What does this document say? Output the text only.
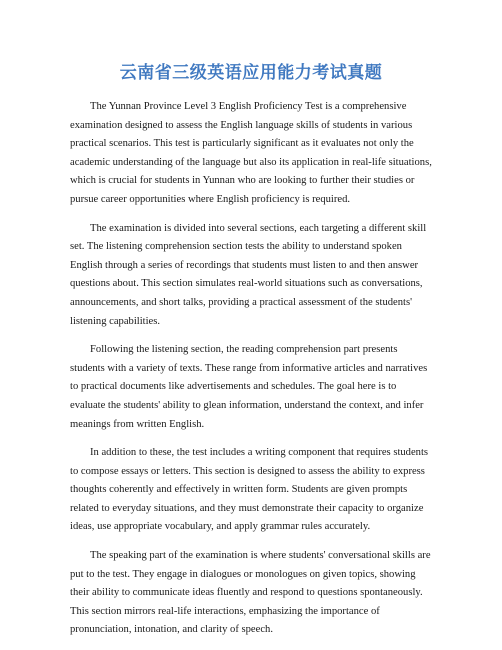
云南省三级英语应用能力考试真题

The Yunnan Province Level 3 English Proficiency Test is a comprehensive examination designed to assess the English language skills of students in various practical scenarios. This test is particularly significant as it evaluates not only the academic understanding of the language but also its application in real-life situations, which is crucial for students in Yunnan who are looking to further their studies or pursue career opportunities where English proficiency is required.

The examination is divided into several sections, each targeting a different skill set. The listening comprehension section tests the ability to understand spoken English through a series of recordings that students must listen to and then answer questions about. This section simulates real-world situations such as conversations, announcements, and short talks, providing a practical assessment of the students' listening capabilities.

Following the listening section, the reading comprehension part presents students with a variety of texts. These range from informative articles and narratives to practical documents like advertisements and schedules. The goal here is to evaluate the students' ability to glean information, understand the context, and infer meanings from written English.

In addition to these, the test includes a writing component that requires students to compose essays or letters. This section is designed to assess the ability to express thoughts coherently and effectively in written form. Students are given prompts related to everyday situations, and they must demonstrate their capacity to organize ideas, use appropriate vocabulary, and apply grammar rules accurately.

The speaking part of the examination is where students' conversational skills are put to the test. They engage in dialogues or monologues on given topics, showing their ability to communicate ideas fluently and respond to questions spontaneously. This section mirrors real-life interactions, emphasizing the importance of pronunciation, intonation, and clarity of speech.
